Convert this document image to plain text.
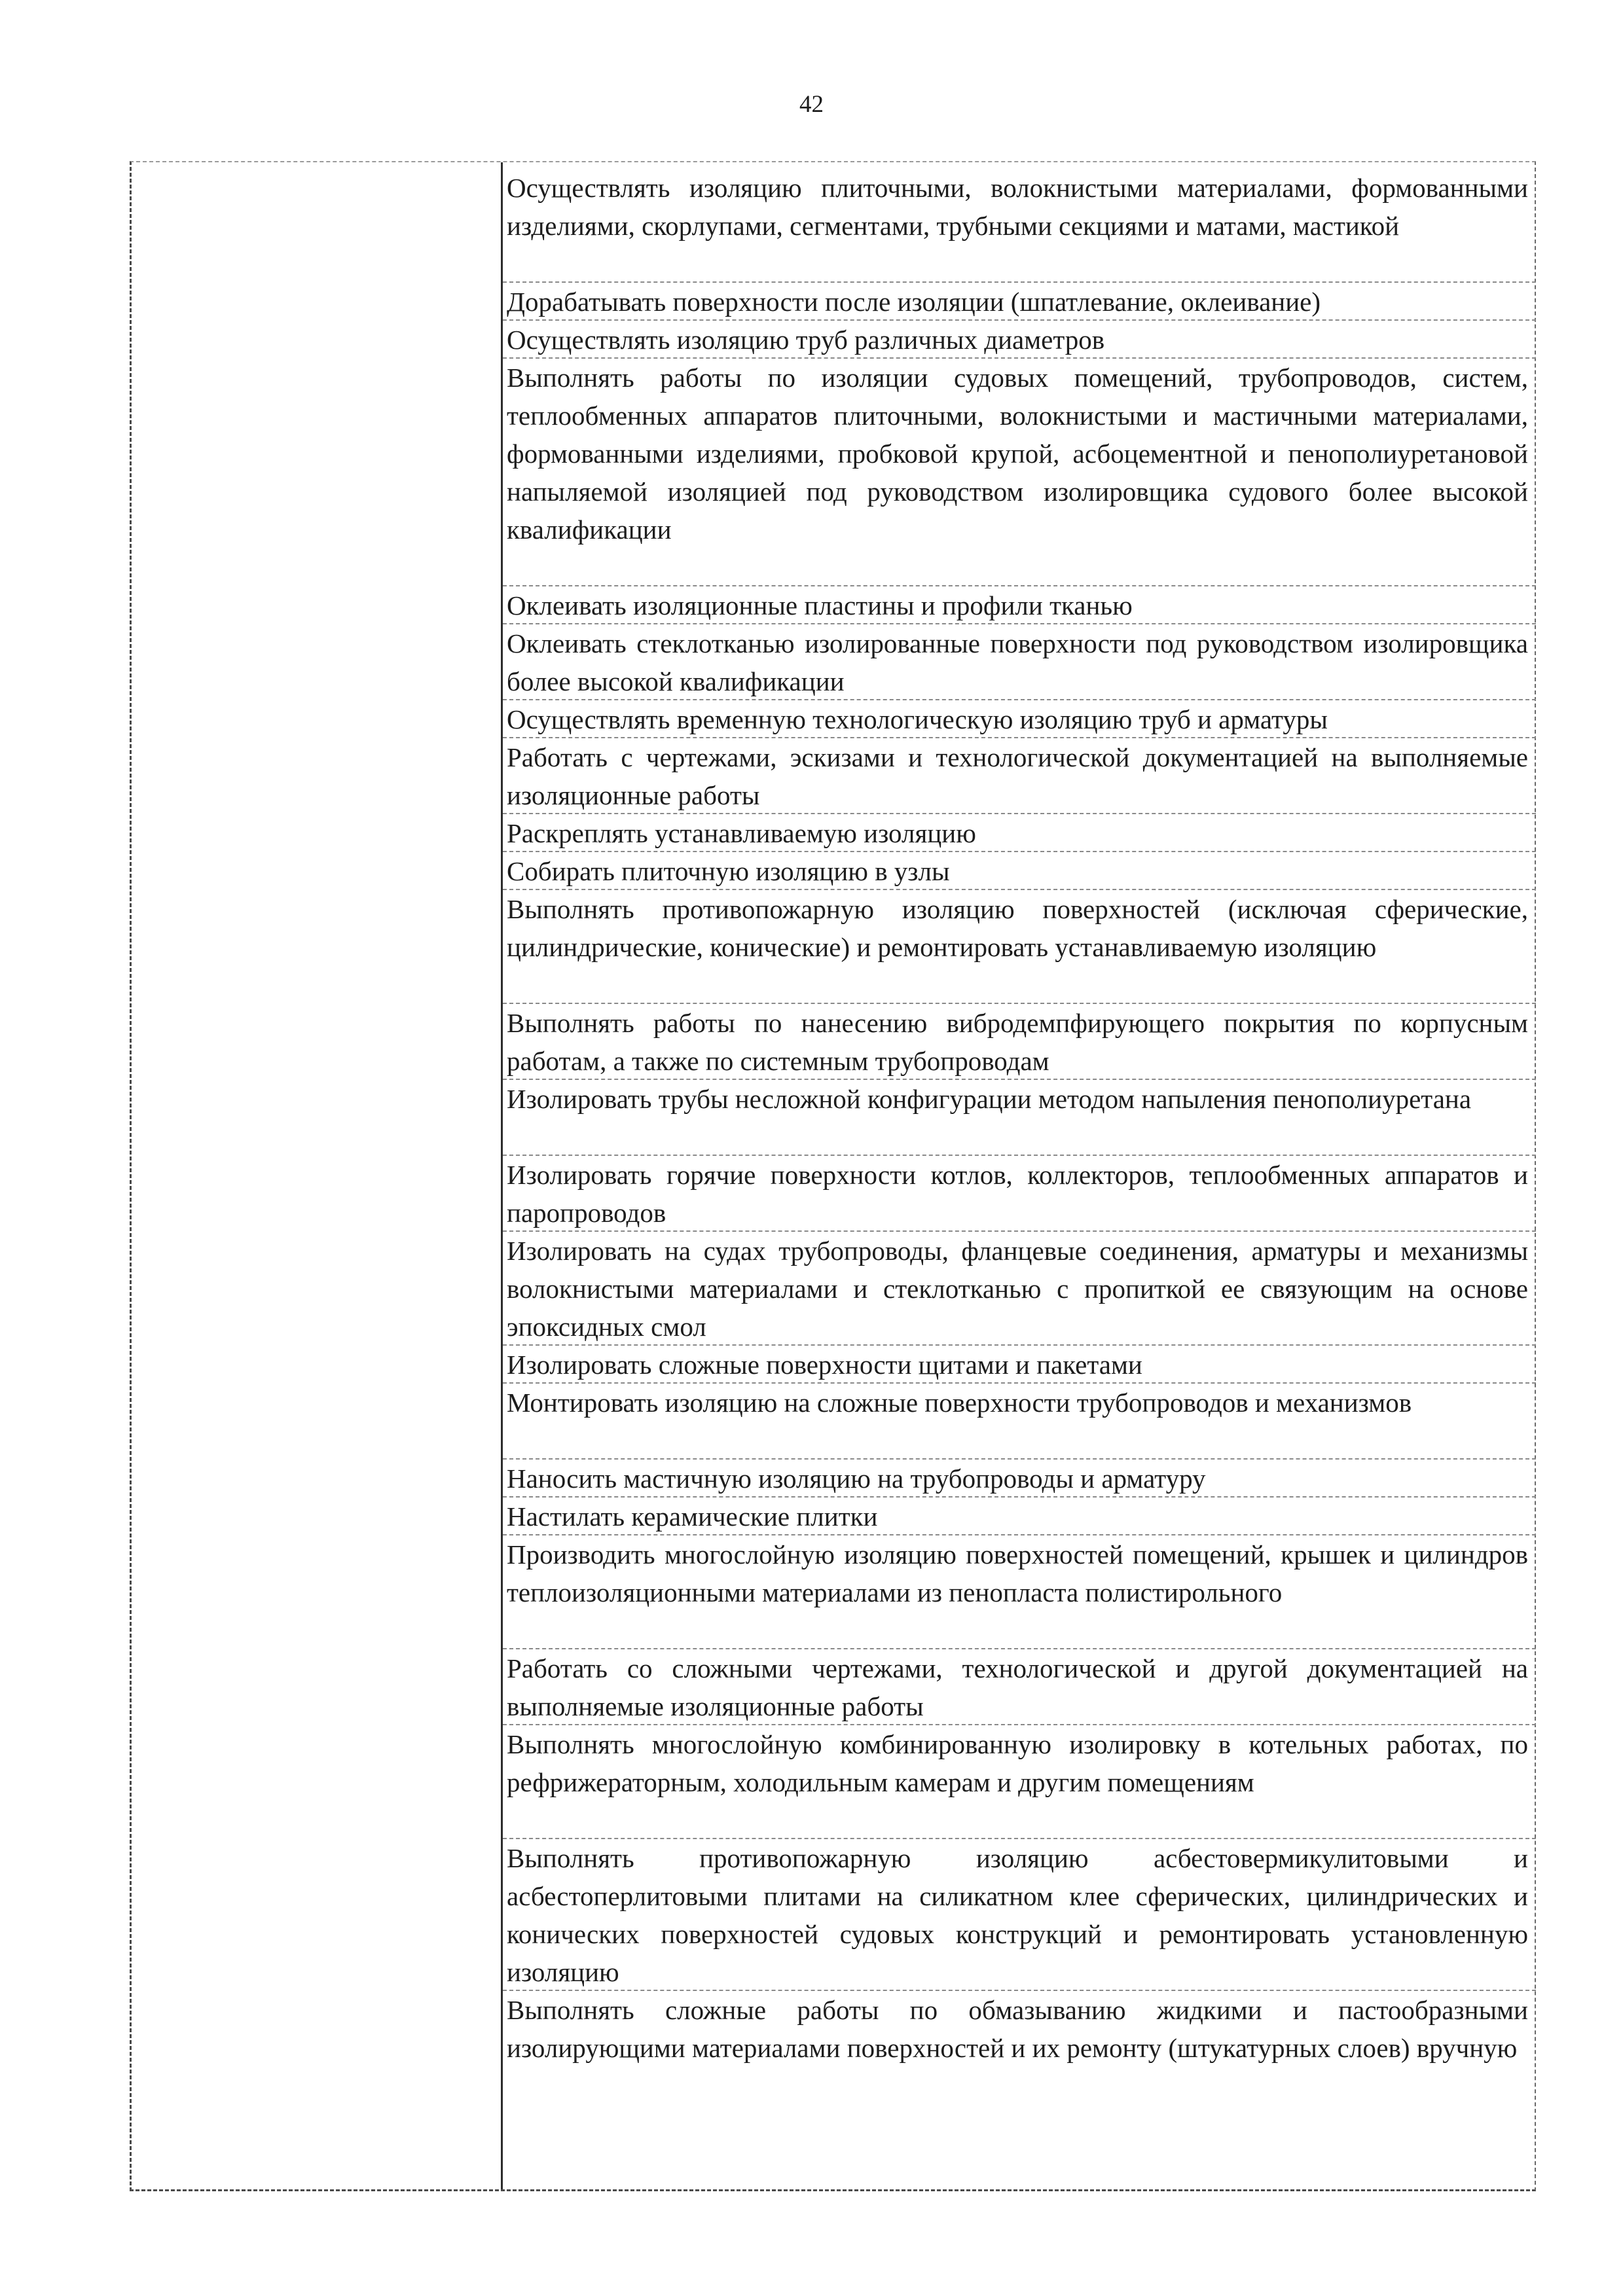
42
Осуществлять изоляцию плиточными, волокнистыми материалами, формованными изделиями, скорлупами, сегментами, трубными секциями и матами, мастикой
Дорабатывать поверхности после изоляции (шпатлевание, оклеивание)
Осуществлять изоляцию труб различных диаметров
Выполнять работы по изоляции судовых помещений, трубопроводов, систем, теплообменных аппаратов плиточными, волокнистыми и мастичными материалами, формованными изделиями, пробковой крупой, асбоцементной и пенополиуретановой напыляемой изоляцией под руководством изолировщика судового более высокой квалификации
Оклеивать изоляционные пластины и профили тканью
Оклеивать стеклотканью изолированные поверхности под руководством изолировщика более высокой квалификации
Осуществлять временную технологическую изоляцию труб и арматуры
Работать с чертежами, эскизами и технологической документацией на выполняемые изоляционные работы
Раскреплять устанавливаемую изоляцию
Собирать плиточную изоляцию в узлы
Выполнять противопожарную изоляцию поверхностей (исключая сферические, цилиндрические, конические) и ремонтировать устанавливаемую изоляцию
Выполнять работы по нанесению вибродемпфирующего покрытия по корпусным работам, а также по системным трубопроводам
Изолировать трубы несложной конфигурации методом напыления пенополиуретана
Изолировать горячие поверхности котлов, коллекторов, теплообменных аппаратов и паропроводов
Изолировать на судах трубопроводы, фланцевые соединения, арматуры и механизмы волокнистыми материалами и стеклотканью с пропиткой ее связующим на основе эпоксидных смол
Изолировать сложные поверхности щитами и пакетами
Монтировать изоляцию на сложные поверхности трубопроводов и механизмов
Наносить мастичную изоляцию на трубопроводы и арматуру
Настилать керамические плитки
Производить многослойную изоляцию поверхностей помещений, крышек и цилиндров теплоизоляционными материалами из пенопласта полистирольного
Работать со сложными чертежами, технологической и другой документацией на выполняемые изоляционные работы
Выполнять многослойную комбинированную изолировку в котельных работах, по рефрижераторным, холодильным камерам и другим помещениям
Выполнять противопожарную изоляцию асбестовермикулитовыми и асбестоперлитовыми плитами на силикатном клее сферических, цилиндрических и конических поверхностей судовых конструкций и ремонтировать установленную изоляцию
Выполнять сложные работы по обмазыванию жидкими и пастообразными изолирующими материалами поверхностей и их ремонту (штукатурных слоев) вручную
